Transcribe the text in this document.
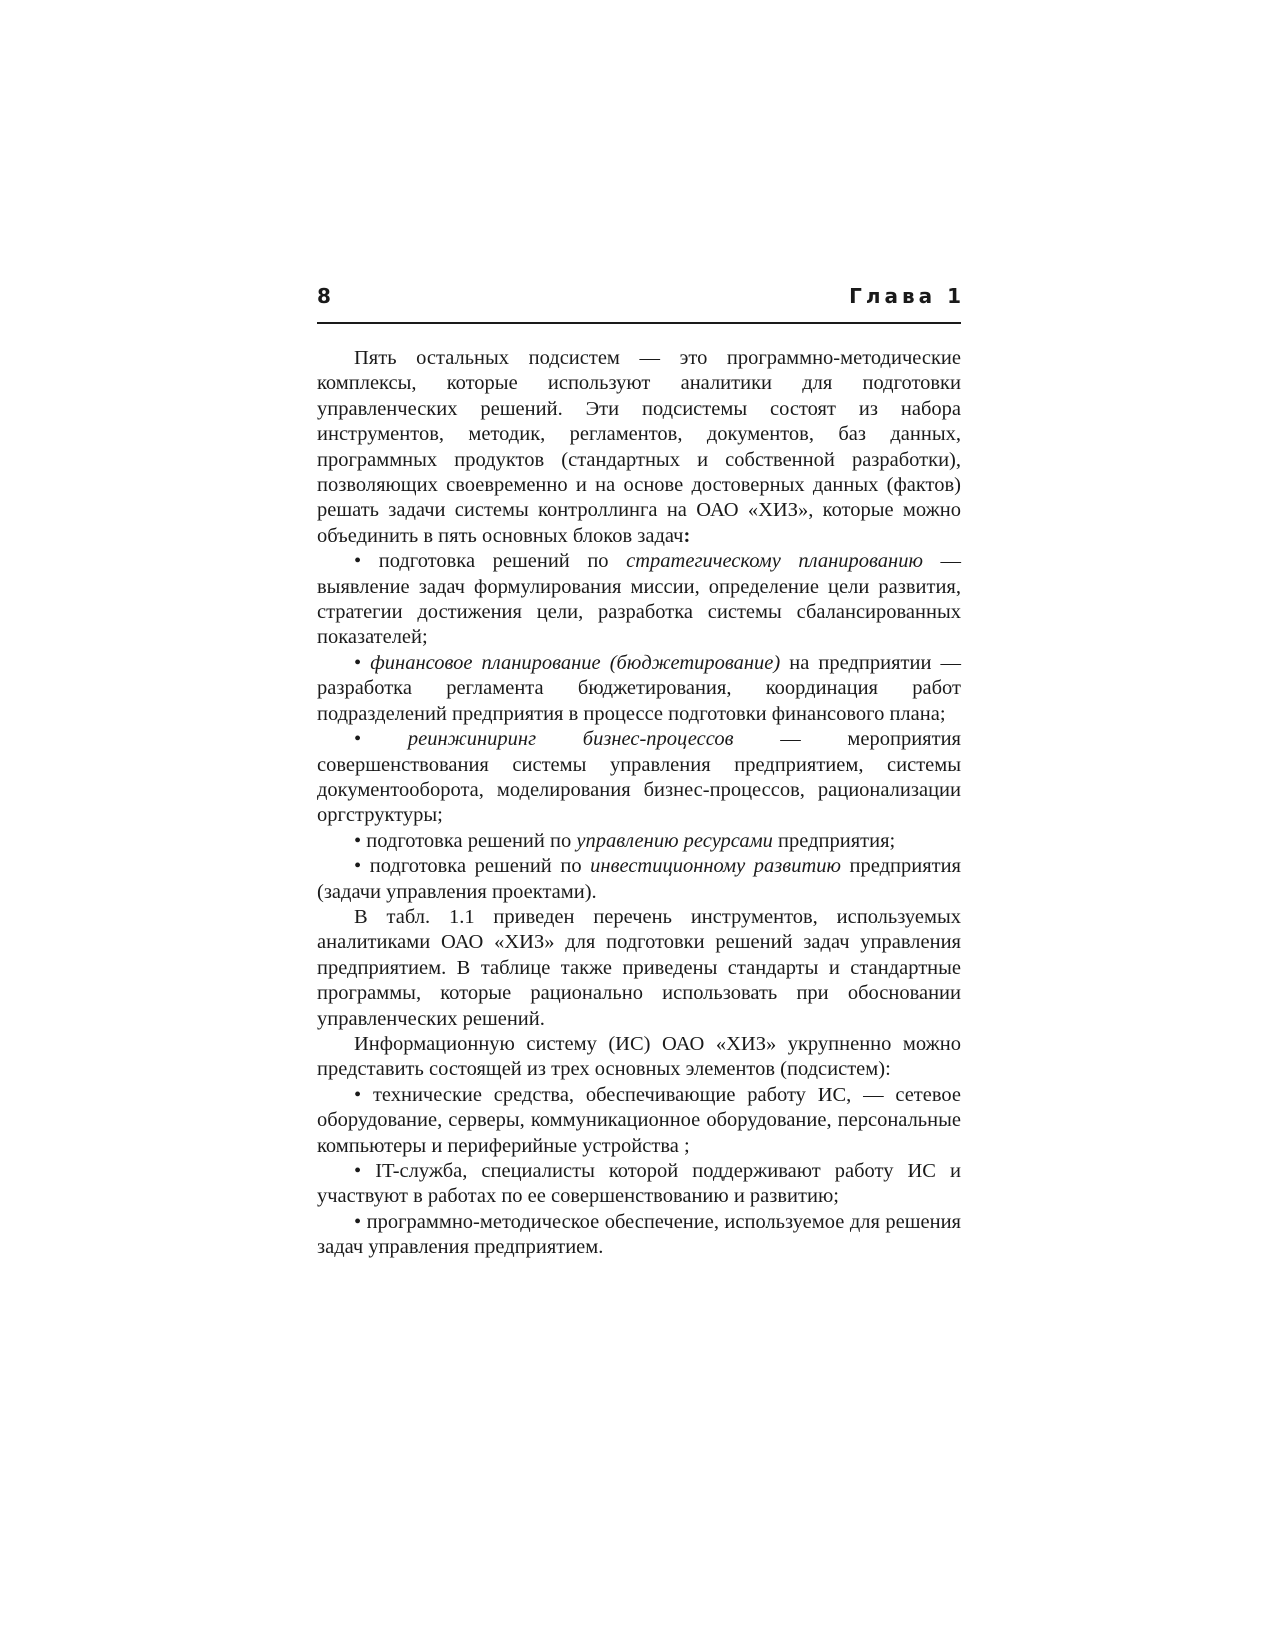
8	Глава 1

Пять остальных подсистем — это программно-методические комплексы, которые используют аналитики для подготовки управленческих решений. Эти подсистемы состоят из набора инструментов, методик, регламентов, документов, баз данных, программных продуктов (стандартных и собственной разработки), позволяющих своевременно и на основе достоверных данных (фактов) решать задачи системы контроллинга на ОАО «ХИЗ», которые можно объединить в пять основных блоков задач:

• подготовка решений по стратегическому планированию — выявление задач формулирования миссии, определение цели развития, стратегии достижения цели, разработка системы сбалансированных показателей;

• финансовое планирование (бюджетирование) на предприятии — разработка регламента бюджетирования, координация работ подразделений предприятия в процессе подготовки финансового плана;

• реинжиниринг бизнес-процессов — мероприятия совершенствования системы управления предприятием, системы документооборота, моделирования бизнес-процессов, рационализации оргструктуры;

• подготовка решений по управлению ресурсами предприятия;

• подготовка решений по инвестиционному развитию предприятия (задачи управления проектами).

В табл. 1.1 приведен перечень инструментов, используемых аналитиками ОАО «ХИЗ» для подготовки решений задач управления предприятием. В таблице также приведены стандарты и стандартные программы, которые рационально использовать при обосновании управленческих решений.

Информационную систему (ИС) ОАО «ХИЗ» укрупненно можно представить состоящей из трех основных элементов (подсистем):

• технические средства, обеспечивающие работу ИС, — сетевое оборудование, серверы, коммуникационное оборудование, персональные компьютеры и периферийные устройства ;

• IT-служба, специалисты которой поддерживают работу ИС и участвуют в работах по ее совершенствованию и развитию;

• программно-методическое обеспечение, используемое для решения задач управления предприятием.
